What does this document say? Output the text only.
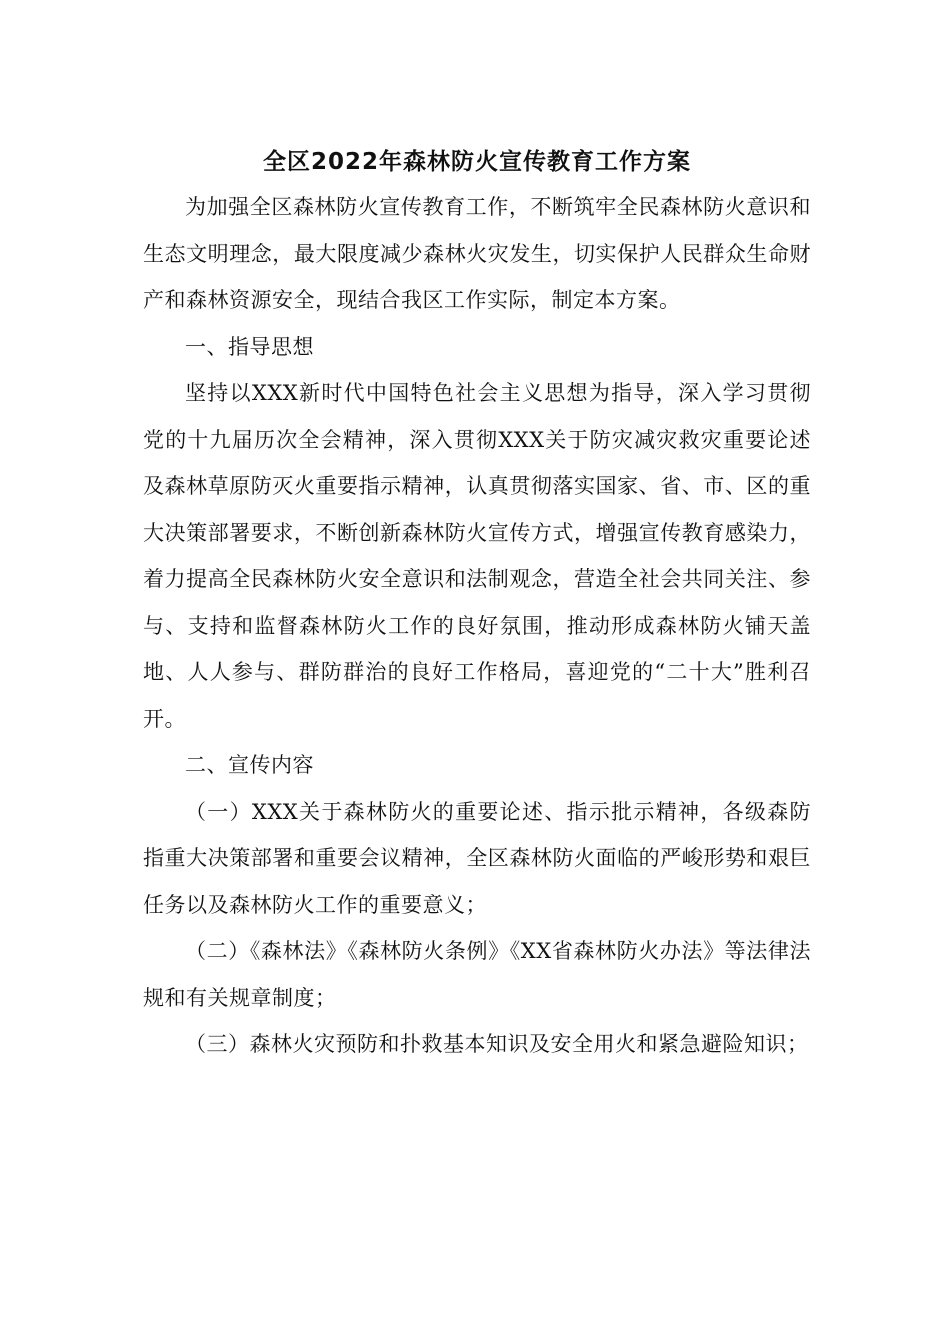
全区2022年森林防火宣传教育工作方案

为加强全区森林防火宣传教育工作，不断筑牢全民森林防火意识和生态文明理念，最大限度减少森林火灾发生，切实保护人民群众生命财产和森林资源安全，现结合我区工作实际，制定本方案。

一、指导思想

坚持以XXX新时代中国特色社会主义思想为指导，深入学习贯彻党的十九届历次全会精神，深入贯彻XXX关于防灾减灾救灾重要论述及森林草原防灭火重要指示精神，认真贯彻落实国家、省、市、区的重大决策部署要求，不断创新森林防火宣传方式，增强宣传教育感染力，着力提高全民森林防火安全意识和法制观念，营造全社会共同关注、参与、支持和监督森林防火工作的良好氛围，推动形成森林防火铺天盖地、人人参与、群防群治的良好工作格局，喜迎党的“二十大”胜利召开。

二、宣传内容

（一）XXX关于森林防火的重要论述、指示批示精神，各级森防指重大决策部署和重要会议精神，全区森林防火面临的严峻形势和艰巨任务以及森林防火工作的重要意义；

（二）《森林法》《森林防火条例》《XX省森林防火办法》等法律法规和有关规章制度；

（三）森林火灾预防和扑救基本知识及安全用火和紧急避险知识；
